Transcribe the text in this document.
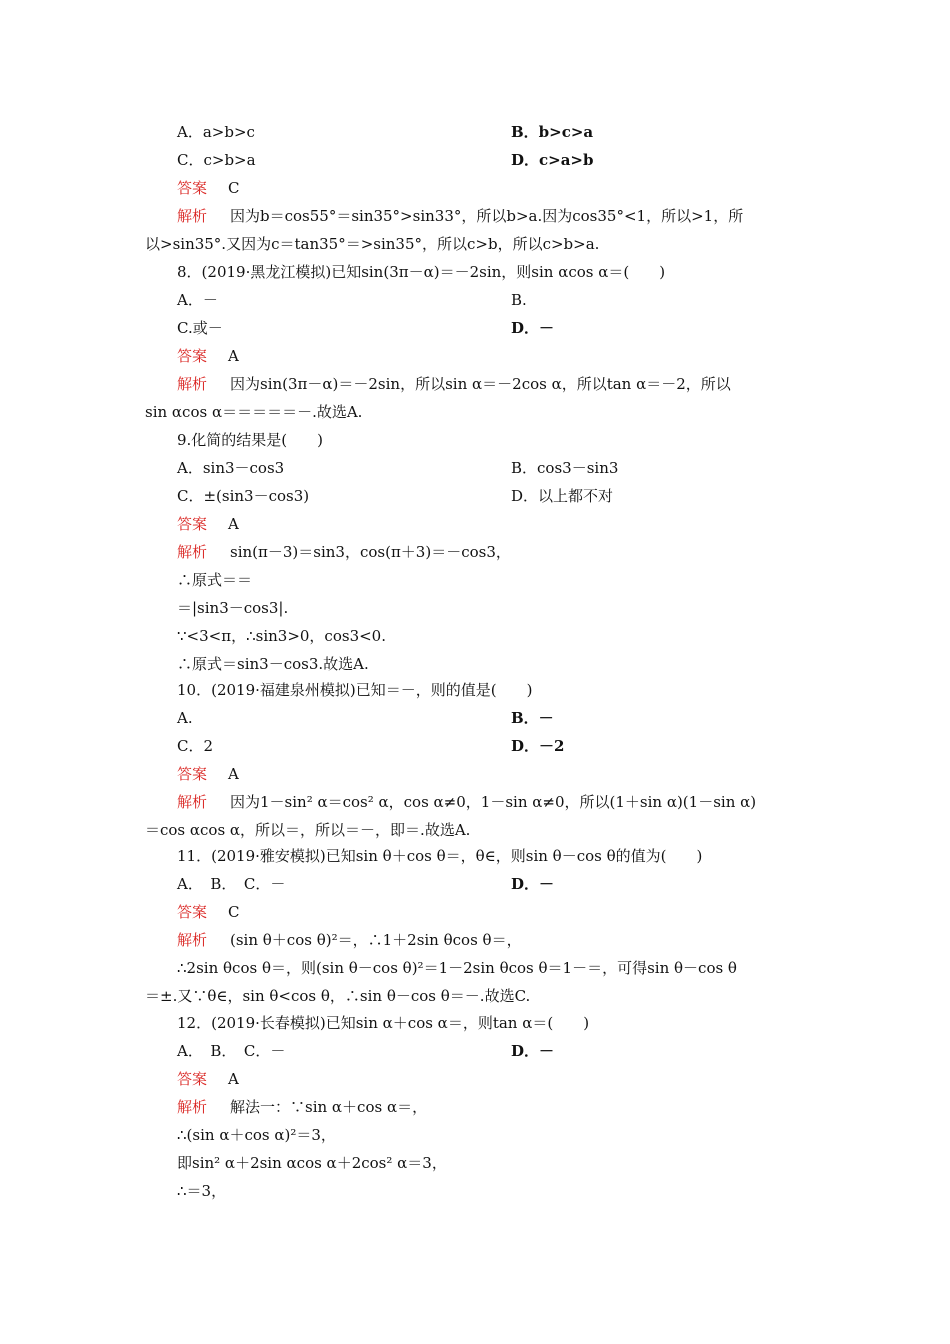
A．a>b>c	B．b>c>a
C．c>b>a	D．c>a>b
答案 C
解析 因为b＝cos55°＝sin35°>sin33°，所以b>a.因为cos35°<1，所以>1，所
以>sin35°.又因为c＝tan35°＝>sin35°，所以c>b，所以c>b>a.
8．(2019·黑龙江模拟)已知sin(3π－α)＝－2sin，则sin αcos α＝(　　)
A．－	B.
C.或－	D．－
答案 A
解析 因为sin(3π－α)＝－2sin，所以sin α＝－2cos α，所以tan α＝－2，所以
sin αcos α＝＝＝＝＝－.故选A.
9.化简的结果是(　　)
A．sin3－cos3	B．cos3－sin3
C．±(sin3－cos3)	D．以上都不对
答案 A
解析 sin(π－3)＝sin3，cos(π＋3)＝－cos3，
∴原式＝＝
＝|sin3－cos3|.
∵<3<π，∴sin3>0，cos3<0.
∴原式＝sin3－cos3.故选A.
10．(2019·福建泉州模拟)已知＝－，则的值是(　　)
A.	B．－
C．2	D．－2
答案 A
解析 因为1－sin² α＝cos² α，cos α≠0，1－sin α≠0，所以(1＋sin α)(1－sin α)
＝cos αcos α，所以＝，所以＝－，即＝.故选A.
11．(2019·雅安模拟)已知sin θ＋cos θ＝，θ∈，则sin θ－cos θ的值为(　　)
A．　B．　C．－	D．－
答案 C
解析 (sin θ＋cos θ)²＝，∴1＋2sin θcos θ＝，
∴2sin θcos θ＝，则(sin θ－cos θ)²＝1－2sin θcos θ＝1－＝，可得sin θ－cos θ
＝±.又∵θ∈，sin θ<cos θ，∴sin θ－cos θ＝－.故选C.
12．(2019·长春模拟)已知sin α＋cos α＝，则tan α＝(　　)
A．　B．　C．－	D．－
答案 A
解析 解法一：∵sin α＋cos α＝，
∴(sin α＋cos α)²＝3，
即sin² α＋2sin αcos α＋2cos² α＝3，
∴＝3，
